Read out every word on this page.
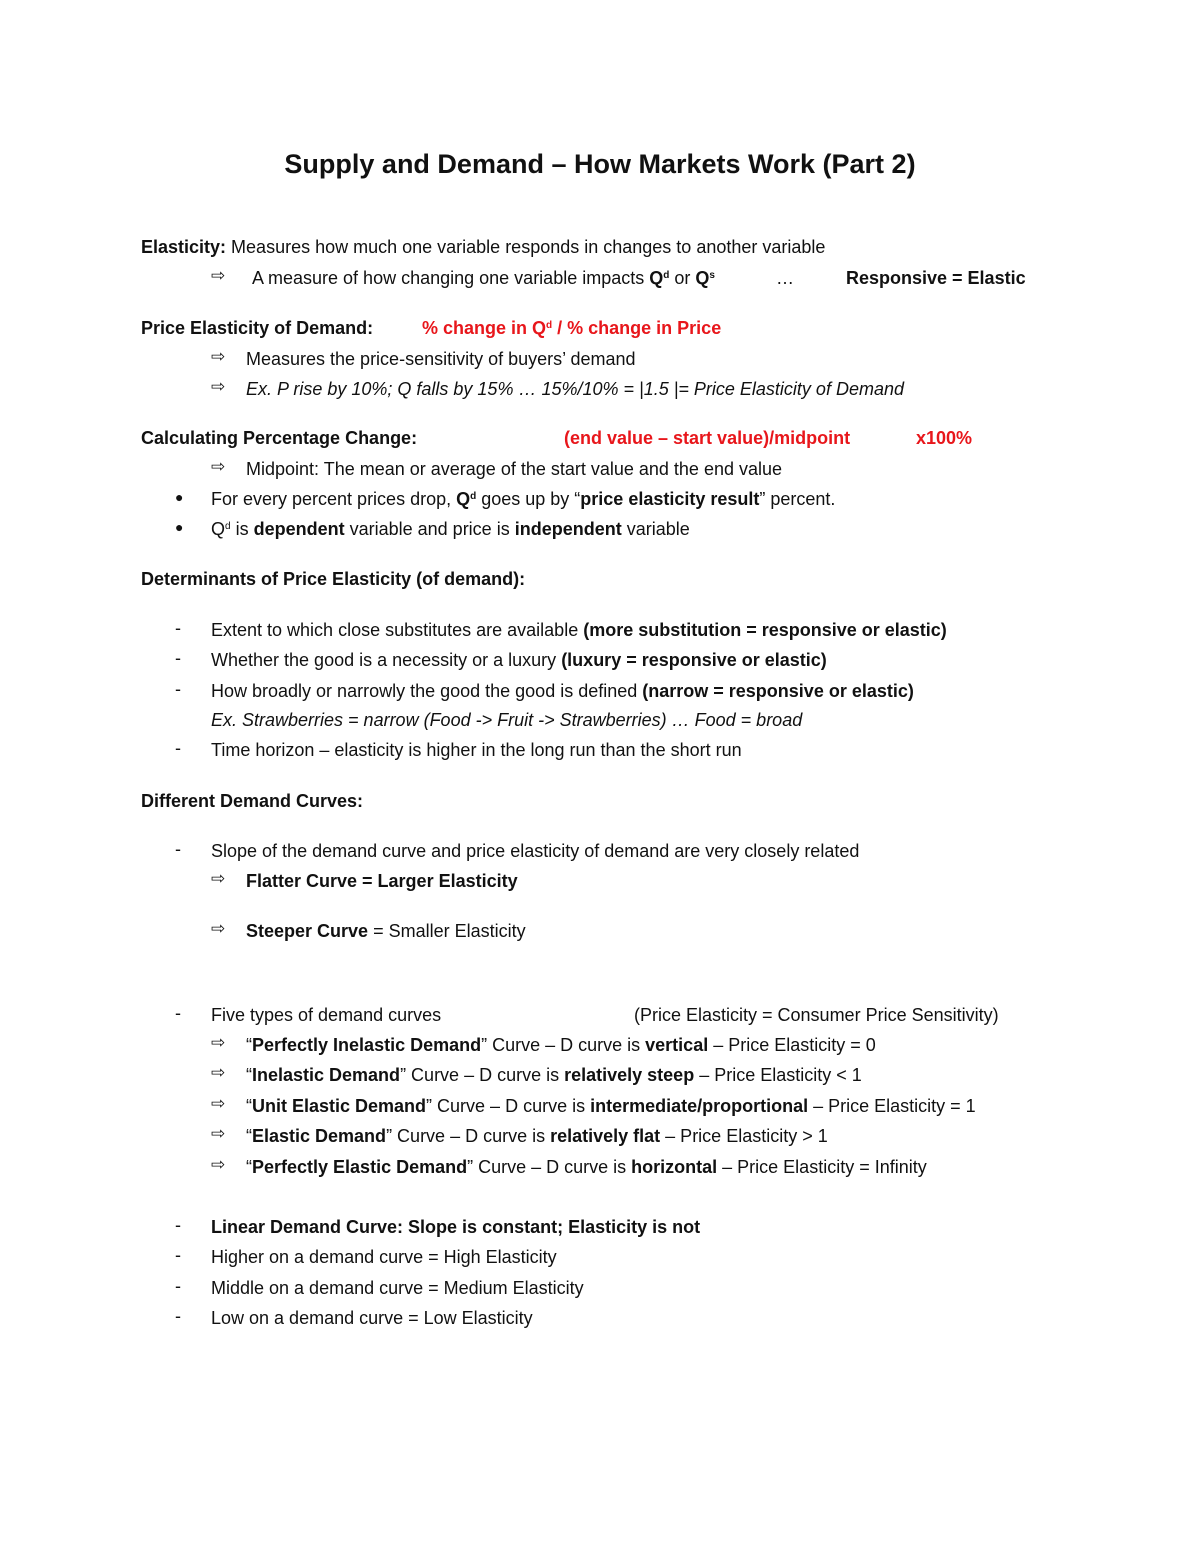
Supply and Demand – How Markets Work (Part 2)
Elasticity: Measures how much one variable responds in changes to another variable
⇨ A measure of how changing one variable impacts $Q^d$ or $Q^s$	…	Responsive = Elastic
Price Elasticity of Demand:	% change in $Q^d$ / % change in Price
⇨ Measures the price-sensitivity of buyers’ demand
⇨ Ex. P rise by 10%; Q falls by 15% … 15%/10% = |1.5 |= Price Elasticity of Demand
Calculating Percentage Change:	(end value – start value)/midpoint	x100%
⇨ Midpoint: The mean or average of the start value and the end value
● For every percent prices drop, $Q^d$ goes up by “price elasticity result” percent.
● $Q^d$ is dependent variable and price is independent variable
Determinants of Price Elasticity (of demand):
- Extent to which close substitutes are available (more substitution = responsive or elastic)
- Whether the good is a necessity or a luxury (luxury = responsive or elastic)
- How broadly or narrowly the good the good is defined (narrow = responsive or elastic)
Ex. Strawberries = narrow (Food -> Fruit -> Strawberries) … Food = broad
- Time horizon – elasticity is higher in the long run than the short run
Different Demand Curves:
- Slope of the demand curve and price elasticity of demand are very closely related
⇨ Flatter Curve = Larger Elasticity
⇨ Steeper Curve = Smaller Elasticity
- Five types of demand curves	(Price Elasticity = Consumer Price Sensitivity)
⇨ “Perfectly Inelastic Demand” Curve – D curve is vertical – Price Elasticity = 0
⇨ “Inelastic Demand” Curve – D curve is relatively steep – Price Elasticity < 1
⇨ “Unit Elastic Demand” Curve – D curve is intermediate/proportional – Price Elasticity = 1
⇨ “Elastic Demand” Curve – D curve is relatively flat – Price Elasticity > 1
⇨ “Perfectly Elastic Demand” Curve – D curve is horizontal – Price Elasticity = Infinity
- Linear Demand Curve: Slope is constant; Elasticity is not
- Higher on a demand curve = High Elasticity
- Middle on a demand curve = Medium Elasticity
- Low on a demand curve = Low Elasticity
